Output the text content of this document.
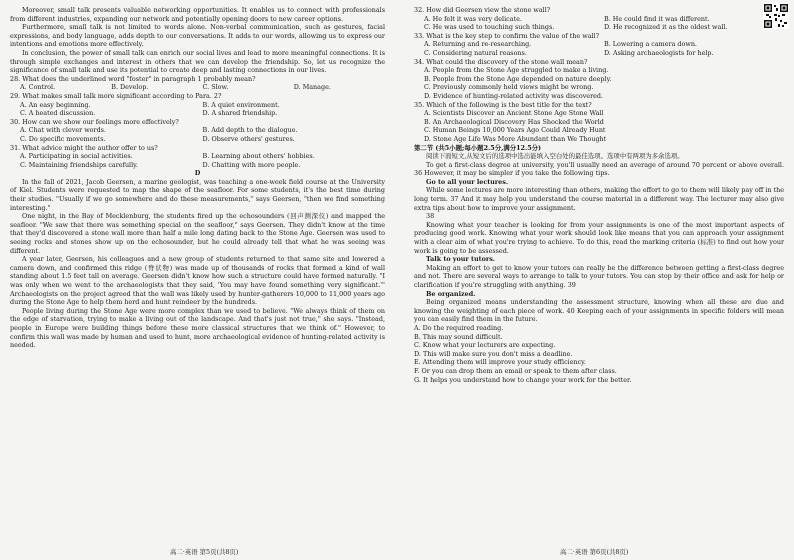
Moreover, small talk presents valuable networking opportunities. It enables us to connect with professionals from different industries, expanding our network and potentially opening doors to new career options.

Furthermore, small talk is not limited to words alone. Non-verbal communication, such as gestures, facial expressions, and body language, adds depth to our conversations. It adds to our words, allowing us to express our intentions and emotions more effectively.

In conclusion, the power of small talk can enrich our social lives and lead to more meaningful connections. It is through simple exchanges and interest in others that we can develop the friendship. So, let us recognize the significance of small talk and use its potential to create deep and lasting connections in our lives.

28. What does the underlined word "foster" in paragraph 1 probably mean?

A. Control.	B. Develop.	C. Slow.	D. Manage.

29. What makes small talk more significant according to Para. 2?

A. An easy beginning.	B. A quiet environment.
C. A heated discussion.	D. A shared friendship.

30. How can we show our feelings more effectively?

A. Chat with clever words.	B. Add depth to the dialogue.
C. Do specific movements.	D. Observe others' gestures.

31. What advice might the author offer to us?

A. Participating in social activities.	B. Learning about others' hobbies.
C. Maintaining friendships carefully.	D. Chatting with more people.

D

In the fall of 2021, Jacob Geersen, a marine geologist, was teaching a one-week field course at the University of Kiel. Students were requested to map the shape of the seafloor. For some students, it's the best time during their studies. "Usually if we go somewhere and do these measurements," says Geersen, "then we find something interesting."

One night, in the Bay of Mecklenburg, the students fired up the echosounders (回声测深仪) and mapped the seafloor. "We saw that there was something special on the seafloor," says Geersen. They didn't know at the time that they'd discovered a stone wall more than half a mile long dating back to the Stone Age. Geersen was used to seeing rocks and stones show up on the echosounder, but he could already tell that what he was seeing was different.

A year later, Geersen, his colleagues and a new group of students returned to that same site and lowered a camera down, and confirmed this ridge (脊状物) was made up of thousands of rocks that formed a kind of wall standing about 1.5 feet tall on average. Geersen didn't know how such a structure could have formed naturally. "I was only when we went to the archaeologists that they said, 'You may have found something very significant.'" Archaeologists on the project agreed that the wall was likely used by hunter-gatherers 10,000 to 11,000 years ago during the Stone Age to help them herd and hunt reindeer by the hundreds.

People living during the Stone Age were more complex than we used to believe. "We always think of them on the edge of starvation, trying to make a living out of the landscape. And that's just not true," she says. "Instead, people in Europe were building things before these more classical structures that we think of." However, to confirm this wall was made by human and used to hunt, more archaeological evidence of hunting-related activity is needed.

高二·英语 第5页(共8页)

32. How did Geersen view the stone wall?

A. He felt it was very delicate.	B. He could find it was different.
C. He was used to touching such things.	D. He recognized it as the oldest wall.

33. What is the key step to confirm the value of the wall?

A. Returning and re-researching.	B. Lowering a camera down.
C. Considering natural reasons.	D. Asking archaeologists for help.

34. What could the discovery of the stone wall mean?

A. People from the Stone Age struggled to make a living.
B. People from the Stone Age depended on nature deeply.
C. Previously commonly held views might be wrong.
D. Evidence of hunting-related activity was discovered.

35. Which of the following is the best title for the text?

A. Scientists Discover an Ancient Stone Age Stone Wall
B. An Archaeological Discovery Has Shocked the World
C. Human Beings 10,000 Years Ago Could Already Hunt
D. Stone Age Life Was More Abundant than We Thought

第二节 (共5小题;每小题2.5分,满分12.5分)

阅读下面短文,从短文后的选项中选出能填入空白处的最佳选项。选项中有两项为多余选项。

To get a first-class degree at university, you'll usually need an average of around 70 percent or above overall. 36 However, it may be simpler if you take the following tips.

Go to all your lectures.

While some lectures are more interesting than others, making the effort to go to them will likely pay off in the long term. 37 And it may help you understand the course material in a different way. The lecturer may also give extra tips about how to improve your assignment.

38

Knowing what your teacher is looking for from your assignments is one of the most important aspects of producing good work. Knowing what your work should look like means that you can approach your assignment with a clear aim of what you're trying to achieve. To do this, read the marking criteria (标准) to find out how your work is going to be assessed.

Talk to your tutors.

Making an effort to get to know your tutors can really be the difference between getting a first-class degree and not. There are several ways to arrange to talk to your tutors. You can stop by their office and ask for help or clarification if you're struggling with anything. 39

Be organized.

Being organized means understanding the assessment structure, knowing when all these are due and knowing the weighting of each piece of work. 40 Keeping each of your assignments in specific folders will mean you can easily find them in the future.

A. Do the required reading.
B. This may sound difficult.
C. Know what your lecturers are expecting.
D. This will make sure you don't miss a deadline.
E. Attending them will improve your study efficiency.
F. Or you can drop them an email or speak to them after class.
G. It helps you understand how to change your work for the better.
高二·英语 第6页(共8页)
